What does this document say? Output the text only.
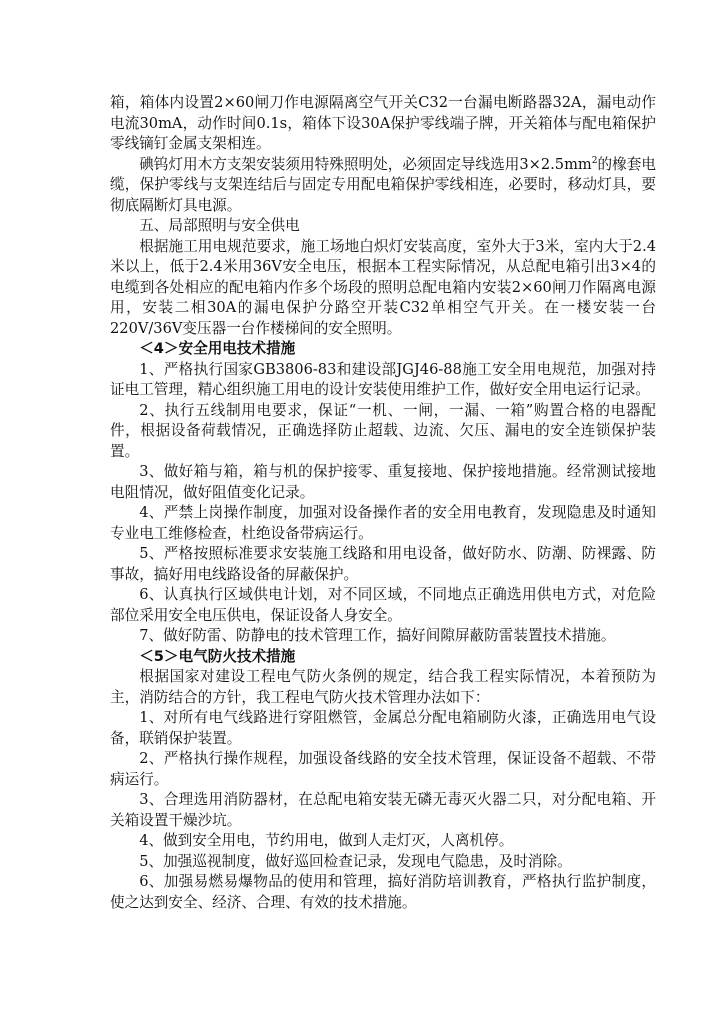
箱，箱体内设置2×60闸刀作电源隔离空气开关C32一台漏电断路器32A，漏电动作电流30mA，动作时间0.1s，箱体下设30A保护零线端子牌，开关箱体与配电箱保护零线镝钉金属支架相连。

碘钨灯用木方支架安装须用特殊照明处，必须固定导线选用$3\times 2.5mm^2$的橡套电缆，保护零线与支架连结后与固定专用配电箱保护零线相连，必要时，移动灯具，要彻底隔断灯具电源。

五、局部照明与安全供电

根据施工用电规范要求，施工场地白炽灯安装高度，室外大于3米，室内大于2.4米以上，低于2.4米用36V安全电压，根据本工程实际情况，从总配电箱引出3×4的电缆到各处相应的配电箱内作多个场段的照明总配电箱内安装2×60闸刀作隔离电源用，安装二相30A的漏电保护分路空开装C32单相空气开关。在一楼安装一台220V/36V变压器一台作楼梯间的安全照明。

＜4＞安全用电技术措施

1、严格执行国家GB3806-83和建设部JGJ46-88施工安全用电规范，加强对持证电工管理，精心组织施工用电的设计安装使用维护工作，做好安全用电运行记录。

2、执行五线制用电要求，保证“一机、一闸，一漏、一箱”购置合格的电器配件，根据设备荷载情况，正确选择防止超载、边流、欠压、漏电的安全连锁保护装置。

3、做好箱与箱，箱与机的保护接零、重复接地、保护接地措施。经常测试接地电阻情况，做好阻值变化记录。

4、严禁上岗操作制度，加强对设备操作者的安全用电教育，发现隐患及时通知专业电工维修检查，杜绝设备带病运行。

5、严格按照标准要求安装施工线路和用电设备，做好防水、防潮、防裸露、防事故，搞好用电线路设备的屏蔽保护。

6、认真执行区域供电计划，对不同区域，不同地点正确选用供电方式，对危险部位采用安全电压供电，保证设备人身安全。

7、做好防雷、防静电的技术管理工作，搞好间隙屏蔽防雷装置技术措施。

＜5＞电气防火技术措施

根据国家对建设工程电气防火条例的规定，结合我工程实际情况，本着预防为主，消防结合的方针，我工程电气防火技术管理办法如下：

1、对所有电气线路进行穿阻燃管，金属总分配电箱刷防火漆，正确选用电气设备，联销保护装置。

2、严格执行操作规程，加强设备线路的安全技术管理，保证设备不超载、不带病运行。

3、合理选用消防器材，在总配电箱安装无磷无毒灭火器二只，对分配电箱、开关箱设置干燥沙坑。

4、做到安全用电，节约用电，做到人走灯灭，人离机停。

5、加强巡视制度，做好巡回检查记录，发现电气隐患，及时消除。

6、加强易燃易爆物品的使用和管理，搞好消防培训教育，严格执行监护制度，使之达到安全、经济、合理、有效的技术措施。
